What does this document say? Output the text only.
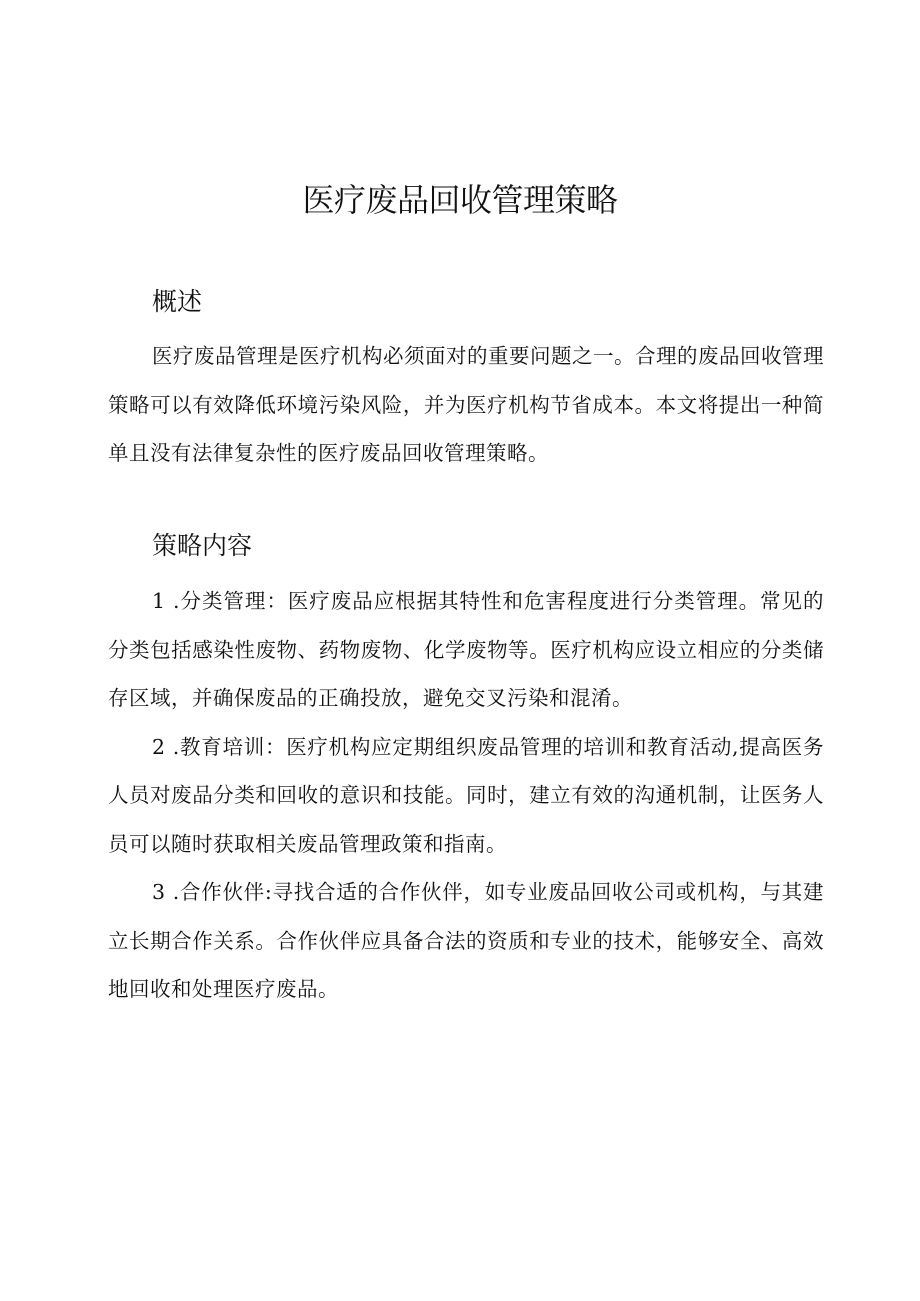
医疗废品回收管理策略
概述

医疗废品管理是医疗机构必须面对的重要问题之一。合理的废品回收管理策略可以有效降低环境污染风险，并为医疗机构节省成本。本文将提出一种简单且没有法律复杂性的医疗废品回收管理策略。

策略内容

1 .分类管理：医疗废品应根据其特性和危害程度进行分类管理。常见的分类包括感染性废物、药物废物、化学废物等。医疗机构应设立相应的分类储存区域，并确保废品的正确投放，避免交叉污染和混淆。

2 .教育培训：医疗机构应定期组织废品管理的培训和教育活动,提高医务人员对废品分类和回收的意识和技能。同时，建立有效的沟通机制，让医务人员可以随时获取相关废品管理政策和指南。

3 .合作伙伴:寻找合适的合作伙伴，如专业废品回收公司或机构，与其建立长期合作关系。合作伙伴应具备合法的资质和专业的技术，能够安全、高效地回收和处理医疗废品。
